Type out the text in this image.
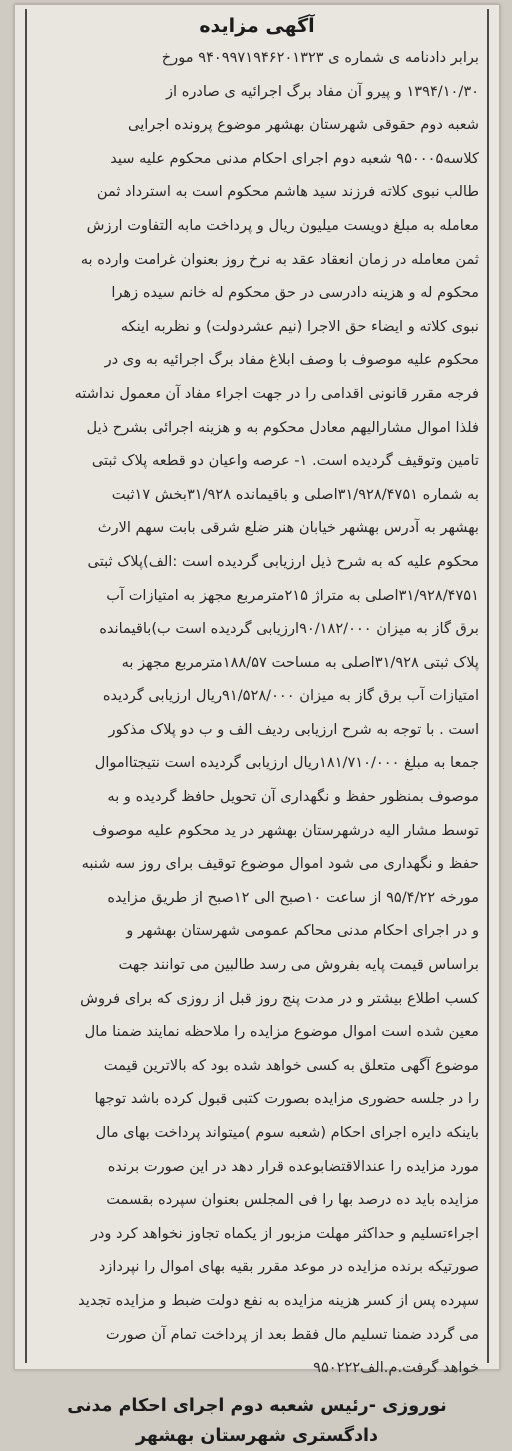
آگهی مزایده
برابر دادنامه ی شماره ی ۹۴۰۹۹۷۱۹۴۶۲۰۱۳۲۳ مورخ
۱۳۹۴/۱۰/۳۰ و پیرو آن مفاد برگ اجرائیه ی صادره از
شعبه دوم حقوقی شهرستان بهشهر موضوع پرونده اجرایی
کلاسه۹۵۰۰۰۵ شعبه دوم اجرای احکام مدنی محکوم علیه سید
طالب نبوی کلاته فرزند سید هاشم محکوم است به استرداد ثمن
معامله به مبلغ دویست میلیون ریال و پرداخت مابه التفاوت ارزش
ثمن معامله در زمان انعقاد عقد به نرخ روز بعنوان غرامت وارده به
محکوم له و هزینه دادرسی در حق محکوم له خانم سیده زهرا
نبوی کلاته و ایضاء حق الاجرا (نیم عشردولت) و نظربه اینکه
محکوم علیه موصوف با وصف ابلاغ مفاد برگ اجرائیه به وی در
فرجه مقرر قانونی اقدامی را در جهت اجراء مفاد آن معمول نداشته
فلذا اموال مشارالیهم معادل محکوم به و هزینه اجرائی بشرح ذیل
تامین وتوقیف گردیده است. ۱- عرصه واعیان دو قطعه پلاک ثبتی
به شماره ۳۱/۹۲۸/۴۷۵۱اصلی و باقیمانده ۳۱/۹۲۸بخش ۱۷ثبت
بهشهر به آدرس بهشهر خیابان هنر ضلع شرقی بابت سهم الارث
محکوم علیه که به شرح ذیل ارزیابی گردیده است :الف)پلاک ثبتی
۳۱/۹۲۸/۴۷۵۱اصلی به متراژ ۲۱۵مترمربع مجهز به امتیازات آب
برق گاز به میزان ۹۰/۱۸۲/۰۰۰ارزیابی گردیده است ب)باقیمانده
پلاک ثبتی ۳۱/۹۲۸اصلی به مساحت ۱۸۸/۵۷مترمربع مجهز به
امتیازات آب برق گاز به میزان ۹۱/۵۲۸/۰۰۰ریال ارزیابی گردیده
است . با توجه به شرح ارزیابی ردیف الف و ب دو پلاک مذکور
جمعا به مبلغ ۱۸۱/۷۱۰/۰۰۰ریال ارزیابی گردیده است نتیجتااموال
موصوف بمنظور حفظ و نگهداری آن تحویل حافظ گردیده و به
توسط مشار الیه درشهرستان بهشهر در ید محکوم علیه موصوف
حفظ و نگهداری می شود اموال موضوع توقیف برای روز سه شنبه
مورخه ۹۵/۴/۲۲ از ساعت ۱۰صبح الی ۱۲صبح از طریق مزایده
و در اجرای احکام مدنی محاکم عمومی شهرستان بهشهر و
براساس قیمت پایه بفروش می رسد طالبین می توانند جهت
کسب اطلاع بیشتر و در مدت پنج روز قبل از روزی که برای فروش
معین شده است اموال موضوع مزایده را ملاحظه نمایند ضمنا مال
موضوع آگهی متعلق به کسی خواهد شده بود که بالاترین قیمت
را در جلسه حضوری مزایده بصورت کتبی قبول کرده باشد توجها
باینکه دایره اجرای احکام (شعبه سوم )میتواند پرداخت بهای مال
مورد مزایده را عندالاقتضابوعده قرار دهد در این صورت برنده
مزایده باید ده درصد بها را فی المجلس بعنوان سپرده بقسمت
اجراءتسلیم و حداکثر مهلت مزبور از یکماه تجاوز نخواهد کرد ودر
صورتیکه برنده مزایده در موعد مقرر بقیه بهای اموال را نپردازد
سپرده پس از کسر هزینه مزایده به نفع دولت ضبط و مزایده تجدید
می گردد ضمنا تسلیم مال فقط بعد از پرداخت تمام آن صورت
خواهد گرفت.م.الف۹۵۰۲۲۲
نوروزی -رئیس شعبه دوم اجرای احکام مدنی
دادگستری شهرستان بهشهر
